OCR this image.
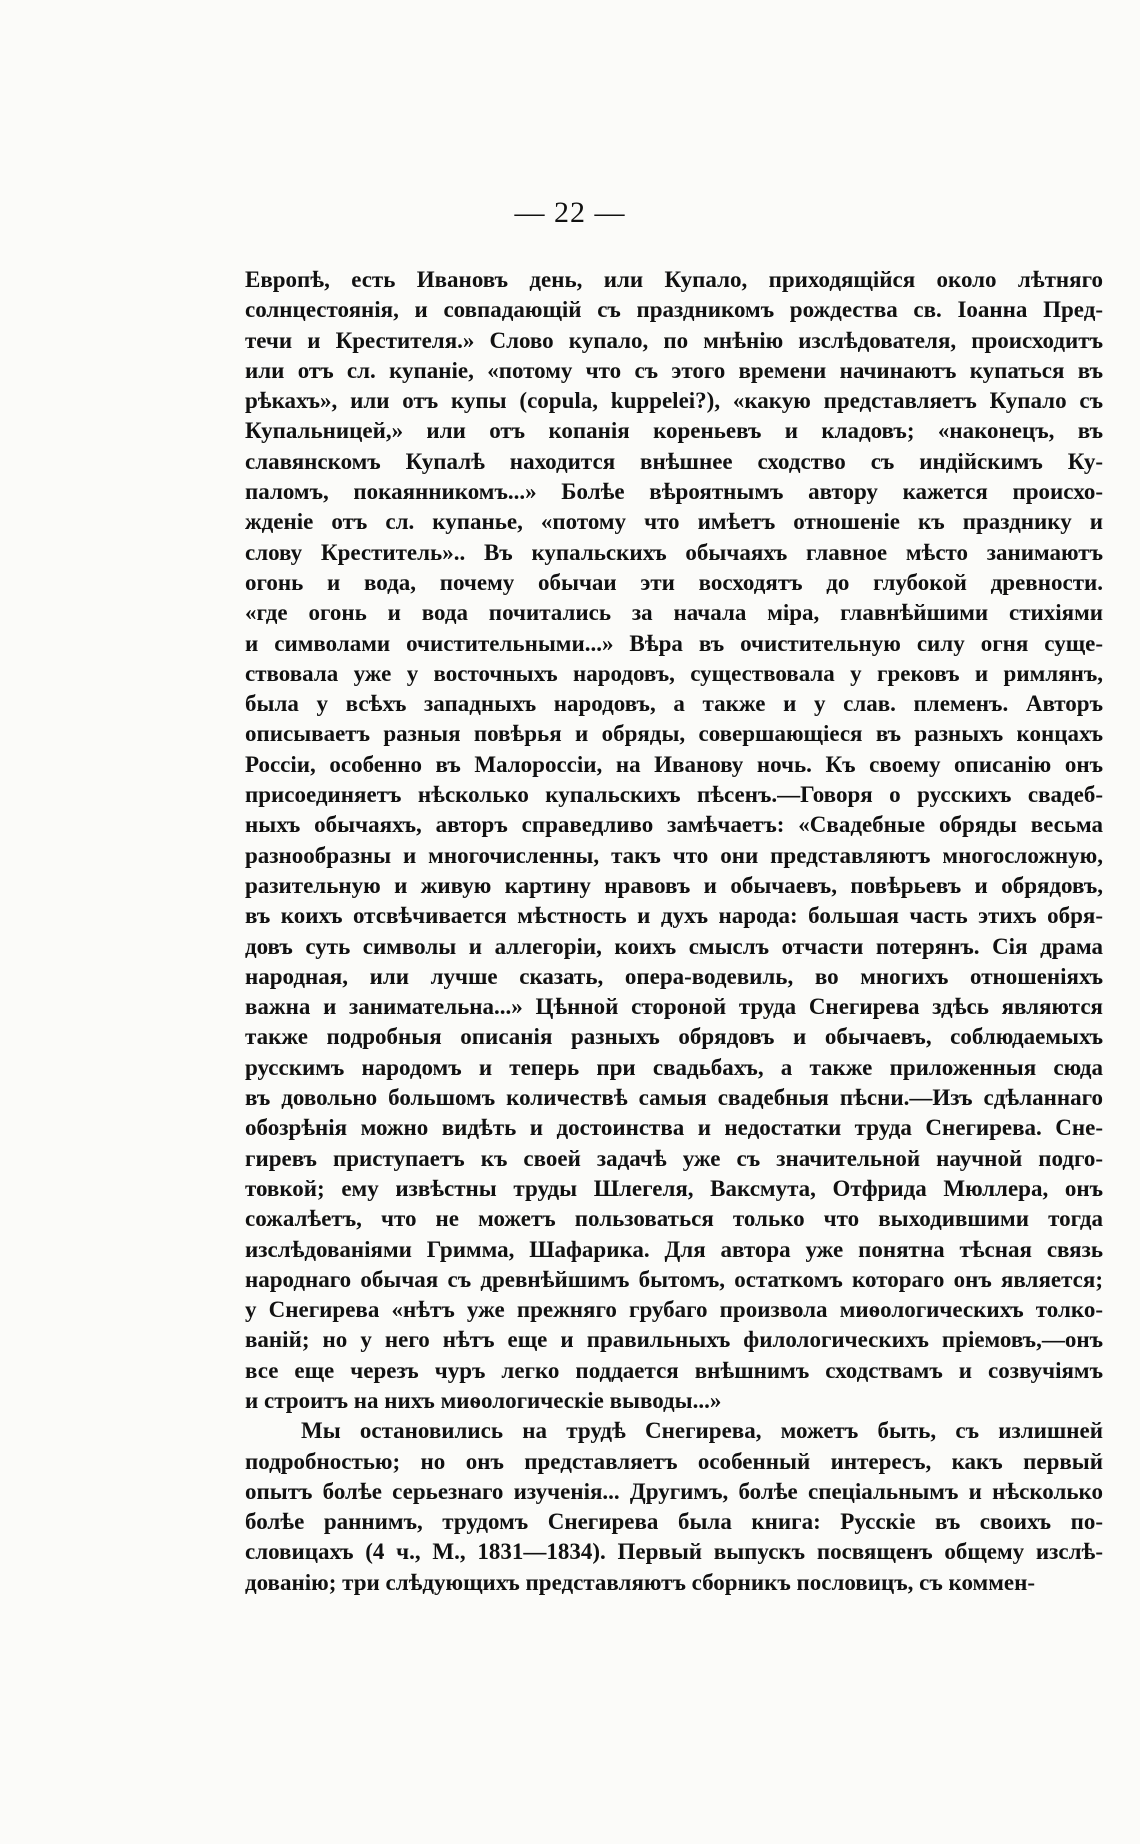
— 22 —
Европѣ, есть Ивановъ день, или Купало, приходящійся около лѣтняго
солнцестоянія, и совпадающій съ праздникомъ рождества св. Іоанна Пред-
течи и Крестителя.» Слово купало, по мнѣнію изслѣдователя, происходитъ
или отъ сл. купаніе, «потому что съ этого времени начинаютъ купаться въ
рѣкахъ», или отъ купы (copula, kuppelei?), «какую представляетъ Купало съ
Купальницей,» или отъ копанія кореньевъ и кладовъ; «наконецъ, въ
славянскомъ Купалѣ находится внѣшнее сходство съ индійскимъ Ку-
паломъ, покаянникомъ...» Болѣе вѣроятнымъ автору кажется происхо-
жденіе отъ сл. купанье, «потому что имѣетъ отношеніе къ празднику и
слову Креститель».. Въ купальскихъ обычаяхъ главное мѣсто занимаютъ
огонь и вода, почему обычаи эти восходятъ до глубокой древности.
«где огонь и вода почитались за начала міра, главнѣйшими стихіями
и символами очистительными...» Вѣра въ очистительную силу огня суще-
ствовала уже у восточныхъ народовъ, существовала у грековъ и римлянъ,
была у всѣхъ западныхъ народовъ, а также и у слав. племенъ. Авторъ
описываетъ разныя повѣрья и обряды, совершающіеся въ разныхъ концахъ
Россіи, особенно въ Малороссіи, на Иванову ночь. Къ своему описанію онъ
присоединяетъ нѣсколько купальскихъ пѣсенъ.—Говоря о русскихъ свадеб-
ныхъ обычаяхъ, авторъ справедливо замѣчаетъ: «Свадебные обряды весьма
разнообразны и многочисленны, такъ что они представляютъ многосложную,
разительную и живую картину нравовъ и обычаевъ, повѣрьевъ и обрядовъ,
въ коихъ отсвѣчивается мѣстность и духъ народа: большая часть этихъ обря-
довъ суть символы и аллегоріи, коихъ смыслъ отчасти потерянъ. Сія драма
народная, или лучше сказать, опера-водевиль, во многихъ отношеніяхъ
важна и занимательна...» Цѣнной стороной труда Снегирева здѣсь являются
также подробныя описанія разныхъ обрядовъ и обычаевъ, соблюдаемыхъ
русскимъ народомъ и теперь при свадьбахъ, а также приложенныя сюда
въ довольно большомъ количествѣ самыя свадебныя пѣсни.—Изъ сдѣланнаго
обозрѣнія можно видѣть и достоинства и недостатки труда Снегирева. Сне-
гиревъ приступаетъ къ своей задачѣ уже съ значительной научной подго-
товкой; ему извѣстны труды Шлегеля, Ваксмута, Отфрида Мюллера, онъ
сожалѣетъ, что не можетъ пользоваться только что выходившими тогда
изслѣдованіями Гримма, Шафарика. Для автора уже понятна тѣсная связь
народнаго обычая съ древнѣйшимъ бытомъ, остаткомъ котораго онъ является;
у Снегирева «нѣтъ уже прежняго грубаго произвола миѳологическихъ толко-
ваній; но у него нѣтъ еще и правильныхъ филологическихъ пріемовъ,—онъ
все еще черезъ чуръ легко поддается внѣшнимъ сходствамъ и созвучіямъ
и строитъ на нихъ миѳологическіе выводы...»
Мы остановились на трудѣ Снегирева, можетъ быть, съ излишней
подробностью; но онъ представляетъ особенный интересъ, какъ первый
опытъ болѣе серьезнаго изученія... Другимъ, болѣе спеціальнымъ и нѣсколько
болѣе раннимъ, трудомъ Снегирева была книга: Русскіе въ своихъ по-
словицахъ (4 ч., М., 1831—1834). Первый выпускъ посвященъ общему изслѣ-
дованію; три слѣдующихъ представляютъ сборникъ пословицъ, съ коммен-
